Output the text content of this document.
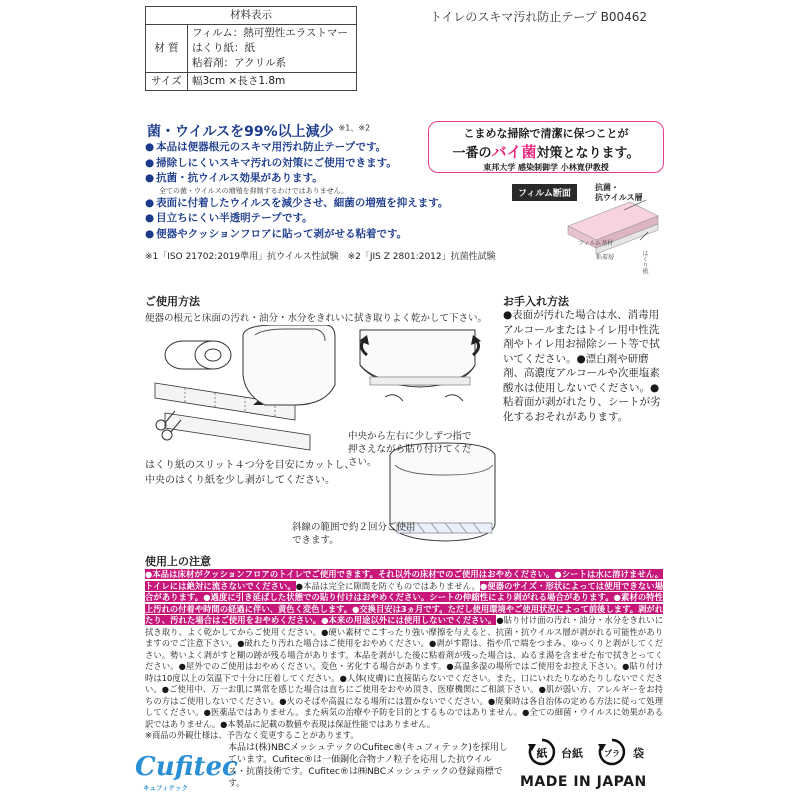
材料表示	
材 質	フィルム：熱可塑性エラストマー
はくり紙：紙
粘着剤：アクリル系

サイズ	幅3cm ×長さ1.8m
トイレのスキマ汚れ防止テープ B00462
菌・ウイルスを99%以上減少 $^{※1、※2}$
● 本品は便器根元のスキマ用汚れ防止テープです。
● 掃除しにくいスキマ汚れの対策にご使用できます。
● 抗菌・抗ウイルス効果があります。
全ての菌・ウイルスの増殖を抑制するわけではありません。
● 表面に付着したウイルスを減少させ、細菌の増殖を抑えます。
● 目立ちにくい半透明テープです。
● 便器やクッションフロアに貼って剥がせる粘着です。
※1「ISO 21702:2019準用」抗ウイルス性試験　※2「JIS Z 2801:2012」抗菌性試験
こまめな掃除で清潔に保つことが
一番のバイ菌対策となります。
東邦大学 感染制御学 小林寛伊教授
フィルム断面
抗菌・
抗ウイルス層
フィルム基材
粘着層	はくり紙
ご使用方法
便器の根元と床面の汚れ・油分・水分をきれいに拭き取りよく乾かして下さい。
はくり紙のスリット４つ分を目安にカットし、中央のはくり紙を少し剥がしてください。
中央から左右に少しずつ指で押さえながら貼り付けてください。
斜線の範囲で約２回分ご使用できます。
お手入れ方法
●表面が汚れた場合は水、消毒用アルコールまたはトイレ用中性洗剤やトイレ用お掃除シート等で拭いてください。●漂白剤や研磨剤、高濃度アルコールや次亜塩素酸水は使用しないでください。●粘着面が剥がれたり、シートが劣化するおそれがあります。
使用上の注意
●本品は床材がクッションフロアのトイレでご使用できます。それ以外の床材でのご使用はおやめください。●シートは水に溶けません。トイレには絶対に流さないでください。●本品は完全に隙間を防ぐものではありません。●便器のサイズ・形状によっては使用できない場合があります。●過度に引き延ばした状態での貼り付けはおやめください。シートの伸縮性により剥がれる場合があります。●素材の特性上汚れの付着や時間の経過に伴い、黄色く変色します。●交換目安は3ヵ月です。ただし使用環境やご使用状況によって前後します。剥がれたり、汚れた場合はご使用をおやめください。●本来の用途以外には使用しないでください。●貼り付け面の汚れ・油分・水分をきれいに拭き取り、よく乾かしてからご使用ください。●硬い素材でこすったり強い摩擦を与えると、抗菌・抗ウイルス層が剥がれる可能性がありますのでご注意下さい。●破れたり汚れた場合はご使用をおやめください。●剥がす際は、指や爪で端をつまみ、ゆっくりと剥がしてください。勢いよく剥がすと糊の跡が残る場合があります。本品を剥がした後に粘着剤が残った場合は、ぬるま湯を含ませた布で拭きとってください。●屋外でのご使用はおやめください。変色・劣化する場合があります。●高温多湿の場所ではご使用をお控え下さい。●貼り付け時は10度以上の気温下で十分に圧着してください。●人体(皮膚)に直接貼らないでください。また、口にいれたりなめたりしないでください。●ご使用中、万一お肌に異常を感じた場合は直ちにご使用をおやめ頂き、医療機関にご相談下さい。●肌が弱い方、アレルギーをお持ちの方はご使用しないでください。●火のそばや高温になる場所には置かないでください。●廃棄時は各自治体の定める方法に従って処理してください。●医薬品ではありません。また病気の治療や予防を目的とするものではありません。●全ての細菌・ウイルスに効果がある訳ではありません。●本製品に記載の数値や表現は保証性能ではありません。
※商品の外観仕様は、予告なく変更することがあります。
Cufitec
キュフィテック
本品は(株)NBCメッシュテックのCufitec®(キュフィテック)を採用しています。Cufitec®は一価銅化合物ナノ粒子を応用した抗ウイルス・抗菌技術です。Cufitec®は㈱NBCメッシュテックの登録商標です。
紙 台紙	プラ 袋
MADE IN JAPAN
